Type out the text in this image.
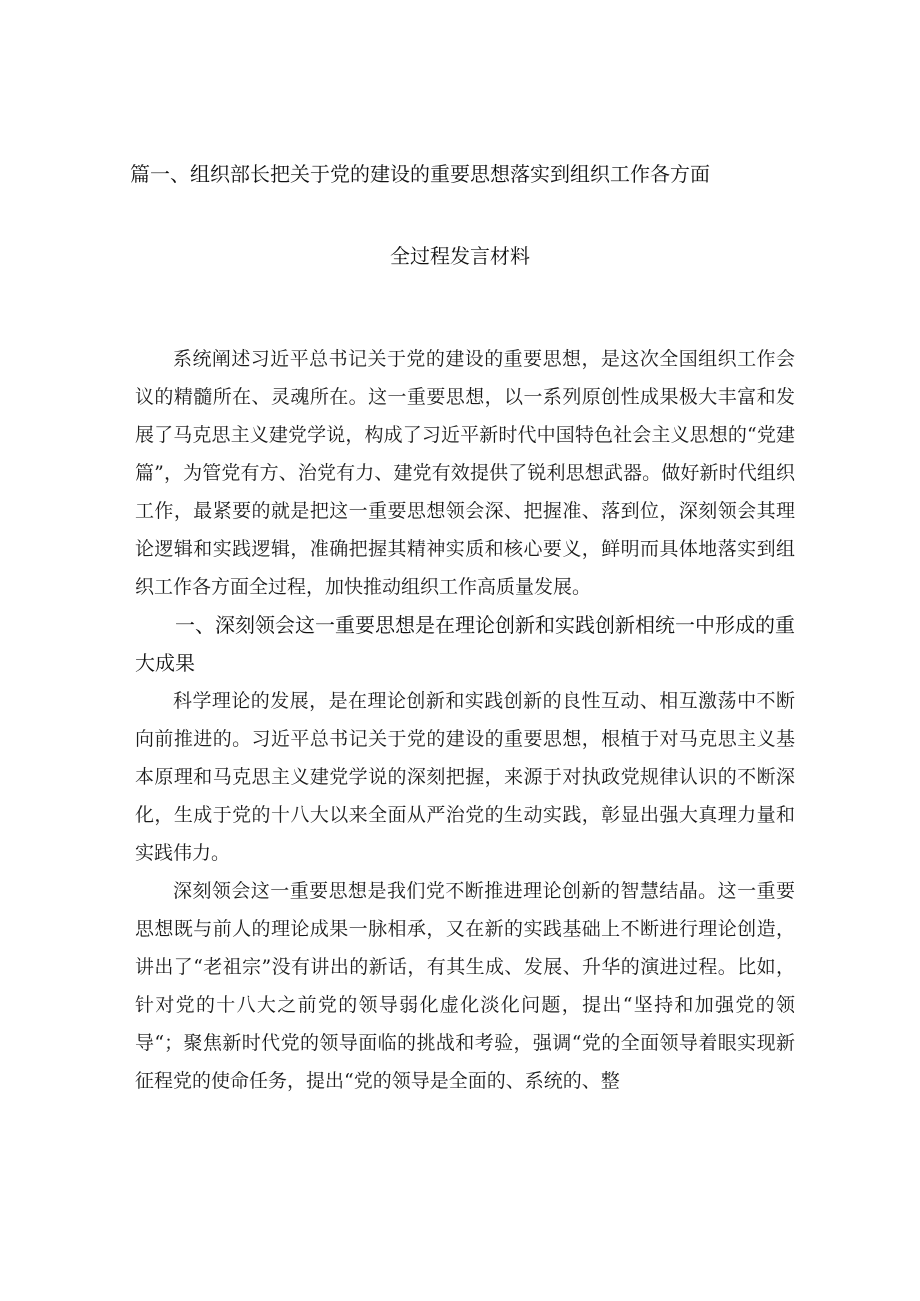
篇一、组织部长把关于党的建设的重要思想落实到组织工作各方面
全过程发言材料

系统阐述习近平总书记关于党的建设的重要思想，是这次全国组织工作会议的精髓所在、灵魂所在。这一重要思想，以一系列原创性成果极大丰富和发展了马克思主义建党学说，构成了习近平新时代中国特色社会主义思想的“党建篇”，为管党有方、治党有力、建党有效提供了锐利思想武器。做好新时代组织工作，最紧要的就是把这一重要思想领会深、把握准、落到位，深刻领会其理论逻辑和实践逻辑，准确把握其精神实质和核心要义，鲜明而具体地落实到组织工作各方面全过程，加快推动组织工作高质量发展。

一、深刻领会这一重要思想是在理论创新和实践创新相统一中形成的重大成果

科学理论的发展，是在理论创新和实践创新的良性互动、相互激荡中不断向前推进的。习近平总书记关于党的建设的重要思想，根植于对马克思主义基本原理和马克思主义建党学说的深刻把握，来源于对执政党规律认识的不断深化，生成于党的十八大以来全面从严治党的生动实践，彰显出强大真理力量和实践伟力。

深刻领会这一重要思想是我们党不断推进理论创新的智慧结晶。这一重要思想既与前人的理论成果一脉相承，又在新的实践基础上不断进行理论创造，讲出了“老祖宗”没有讲出的新话，有其生成、发展、升华的演进过程。比如，针对党的十八大之前党的领导弱化虚化淡化问题，提出“坚持和加强党的领导“；聚焦新时代党的领导面临的挑战和考验，强调“党的全面领导着眼实现新征程党的使命任务，提出“党的领导是全面的、系统的、整
